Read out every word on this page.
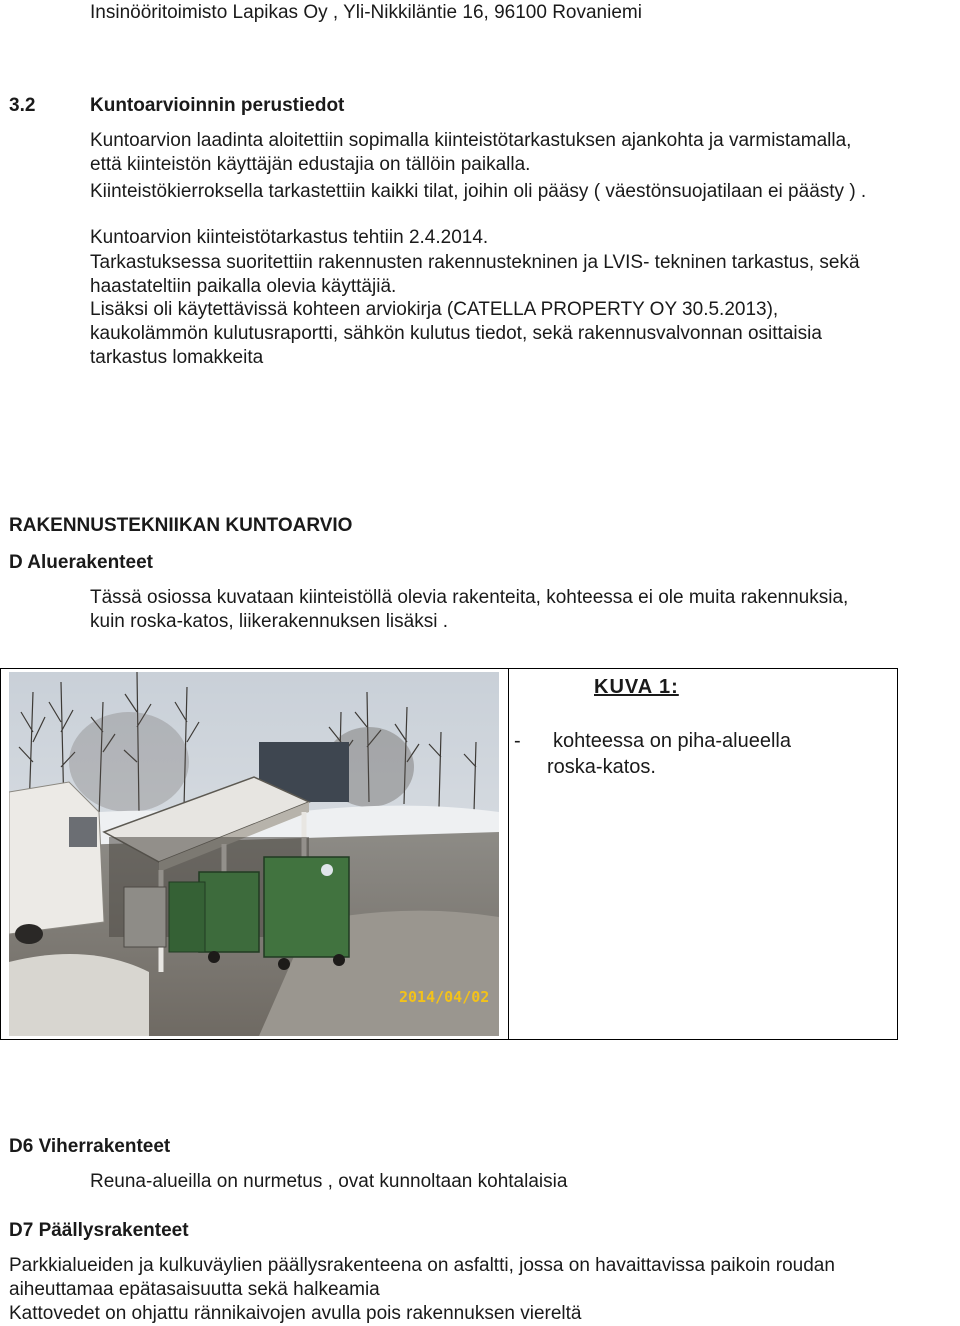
Insinööritoimisto Lapikas Oy , Yli-Nikkiläntie 16, 96100 Rovaniemi
3.2	Kuntoarvioinnin perustiedot
Kuntoarvion laadinta aloitettiin sopimalla kiinteistötarkastuksen ajankohta ja varmistamalla,
että kiinteistön käyttäjän edustajia on tällöin paikalla.
Kiinteistökierroksella tarkastettiin kaikki tilat, joihin oli pääsy ( väestönsuojatilaan ei päästy ) .
Kuntoarvion kiinteistötarkastus tehtiin 2.4.2014.
Tarkastuksessa suoritettiin rakennusten rakennustekninen ja LVIS- tekninen tarkastus, sekä
haastateltiin paikalla olevia käyttäjiä.
Lisäksi oli käytettävissä kohteen arviokirja (CATELLA PROPERTY OY 30.5.2013),
kaukolämmön kulutusraportti, sähkön kulutus tiedot, sekä rakennusvalvonnan osittaisia
tarkastus lomakkeita
RAKENNUSTEKNIIKAN KUNTOARVIO
D Aluerakenteet
Tässä osiossa kuvataan kiinteistöllä olevia rakenteita, kohteessa ei ole muita rakennuksia,
kuin roska-katos, liikerakennuksen lisäksi .
2014/04/02
KUVA 1:
- kohteessa on piha-alueella
roska-katos.
D6 Viherrakenteet
Reuna-alueilla on nurmetus , ovat kunnoltaan kohtalaisia
D7 Päällysrakenteet
Parkkialueiden ja kulkuväylien päällysrakenteena on asfaltti, jossa on havaittavissa paikoin roudan
aiheuttamaa epätasaisuutta sekä halkeamia
Kattovedet on ohjattu rännikaivojen avulla pois rakennuksen viereltä
